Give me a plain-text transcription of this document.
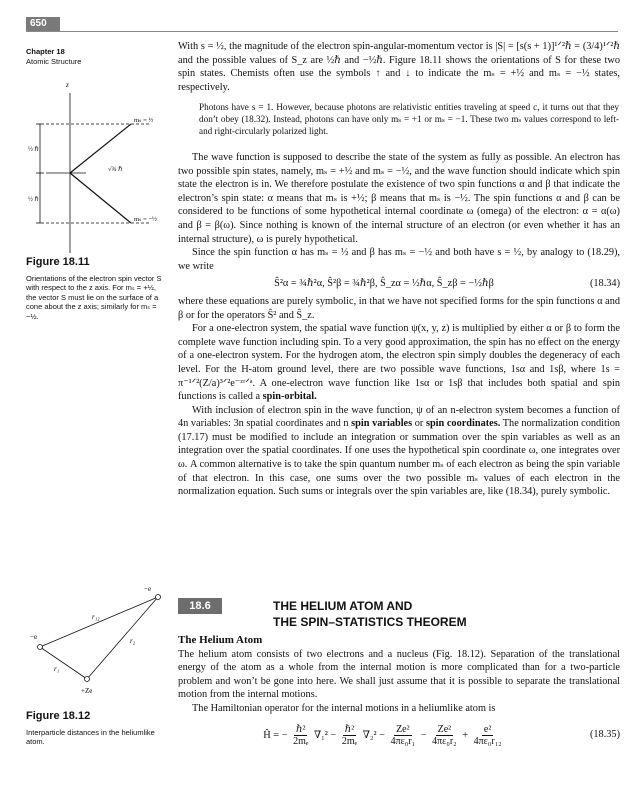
650
Chapter 18
Atomic Structure
z
mₛ = ½
mₛ = −½
½ ℏ
½ ℏ
√¾ ℏ
Figure 18.11
Orientations of the electron spin vector S with respect to the z axis. For mₛ = +½, the vector S must lie on the surface of a cone about the z axis; similarly for mₛ = −½.
−e
−e
+Ze
r₁₂
r₁
r₂
Figure 18.12
Interparticle distances in the heliumlike atom.

With s = ½, the magnitude of the electron spin-angular-momentum vector is |S| = [s(s + 1)]¹ᐟ²ℏ = (3/4)¹ᐟ²ℏ and the possible values of S_z are ½ℏ and −½ℏ. Figure 18.11 shows the orientations of S for these two spin states. Chemists often use the symbols ↑ and ↓ to indicate the mₛ = +½ and mₛ = −½ states, respectively.

Photons have s = 1. However, because photons are relativistic entities traveling at speed c, it turns out that they don’t obey (18.32). Instead, photons can have only mₛ = +1 or mₛ = −1. These two mₛ values correspond to left- and right-circularly polarized light.

The wave function is supposed to describe the state of the system as fully as possible. An electron has two possible spin states, namely, mₛ = +½ and mₛ = −½, and the wave function should indicate which spin state the electron is in. We therefore postulate the existence of two spin functions α and β that indicate the electron’s spin state: α means that mₛ is +½; β means that mₛ is −½. The spin functions α and β can be considered to be functions of some hypothetical internal coordinate ω (omega) of the electron: α = α(ω) and β = β(ω). Since nothing is known of the internal structure of an electron (or even whether it has an internal structure), ω is purely hypothetical.

Since the spin function α has mₛ = ½ and β has mₛ = −½ and both have s = ½, by analogy to (18.29), we write

Ŝ²α = ¾ℏ²α, Ŝ²β = ¾ℏ²β, Ŝ_zα = ½ℏα, Ŝ_zβ = −½ℏβ	(18.34)

where these equations are purely symbolic, in that we have not specified forms for the spin functions α and β or for the operators Ŝ² and Ŝ_z.

For a one-electron system, the spatial wave function ψ(x, y, z) is multiplied by either α or β to form the complete wave function including spin. To a very good approximation, the spin has no effect on the energy of a one-electron system. For the hydrogen atom, the electron spin simply doubles the degeneracy of each level. For the H-atom ground level, there are two possible wave functions, 1sα and 1sβ, where 1s = π⁻¹ᐟ²(Z/a)³ᐟ²e⁻ᶻʳᐟᵃ. A one-electron wave function like 1sα or 1sβ that includes both spatial and spin functions is called a spin-orbital.

With inclusion of electron spin in the wave function, ψ of an n-electron system becomes a function of 4n variables: 3n spatial coordinates and n spin variables or spin coordinates. The normalization condition (17.17) must be modified to include an integration or summation over the spin variables as well as an integration over the spatial coordinates. If one uses the hypothetical spin coordinate ω, one integrates over ω. A common alternative is to take the spin quantum number mₛ of each electron as being the spin variable of that electron. In this case, one sums over the two possible mₛ values of each electron in the normalization equation. Such sums or integrals over the spin variables are, like (18.34), purely symbolic.

18.6	THE HELIUM ATOM AND
THE SPIN–STATISTICS THEOREM
The Helium Atom

The helium atom consists of two electrons and a nucleus (Fig. 18.12). Separation of the translational energy of the atom as a whole from the internal motion is more complicated than for a two-particle problem and won’t be gone into here. We shall just assume that it is possible to separate the translational motion from the internal motions.

The Hamiltonian operator for the internal motions in a heliumlike atom is

Ĥ = − $\frac{\text{ℏ²}}{\text{2mₑ}} \nabla_1^2 - \frac{\text{ℏ²}}{\text{2mₑ}} \nabla_2^2 - \frac{\text{Ze²}}{\text{4πε₀r₁}} - \frac{\text{Ze²}}{\text{4πε₀r₂}} + \frac{\text{e²}}{\text{4πε₀r₁₂}}$	(18.35)
